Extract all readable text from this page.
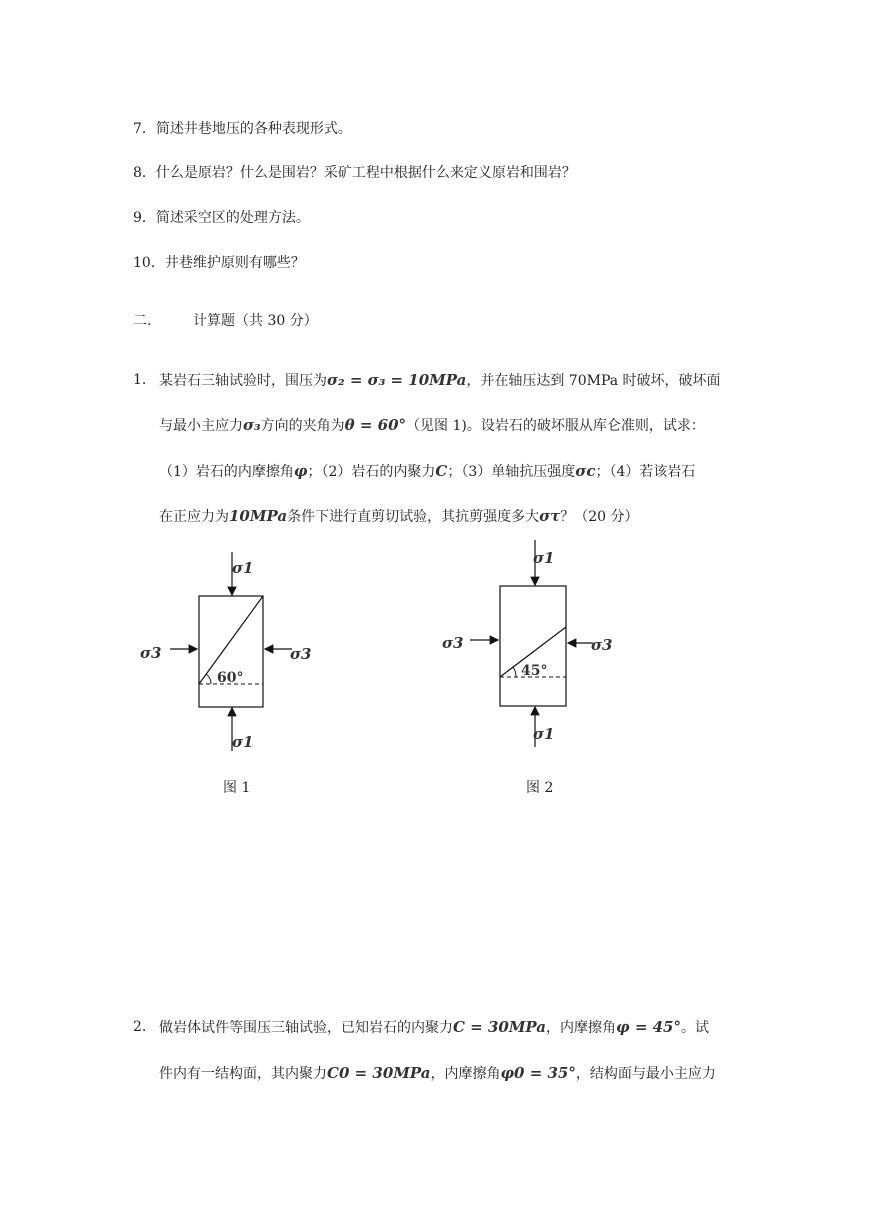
7．简述井巷地压的各种表现形式。
8．什么是原岩？什么是围岩？采矿工程中根据什么来定义原岩和围岩？
9．简述采空区的处理方法。
10．井巷维护原则有哪些？
二.	计算题（共 30 分）
1. 某岩石三轴试验时，围压为σ₂ = σ₃ = 10MPa，并在轴压达到 70MPa 时破坏，破坏面
与最小主应力σ₃方向的夹角为θ = 60°（见图 1)。设岩石的破坏服从库仑准则，试求：
（1）岩石的内摩擦角φ；（2）岩石的内聚力C；（3）单轴抗压强度σc；（4）若该岩石
在正应力为10MPa条件下进行直剪切试验，其抗剪强度多大στ？（20 分）
σ1
σ1
σ3	σ3
60°
σ1
σ1
σ3	σ3
45°
图 1	图 2
2. 做岩体试件等围压三轴试验，已知岩石的内聚力C = 30MPa，内摩擦角φ = 45°。试
件内有一结构面，其内聚力C0 = 30MPa，内摩擦角φ0 = 35°，结构面与最小主应力
